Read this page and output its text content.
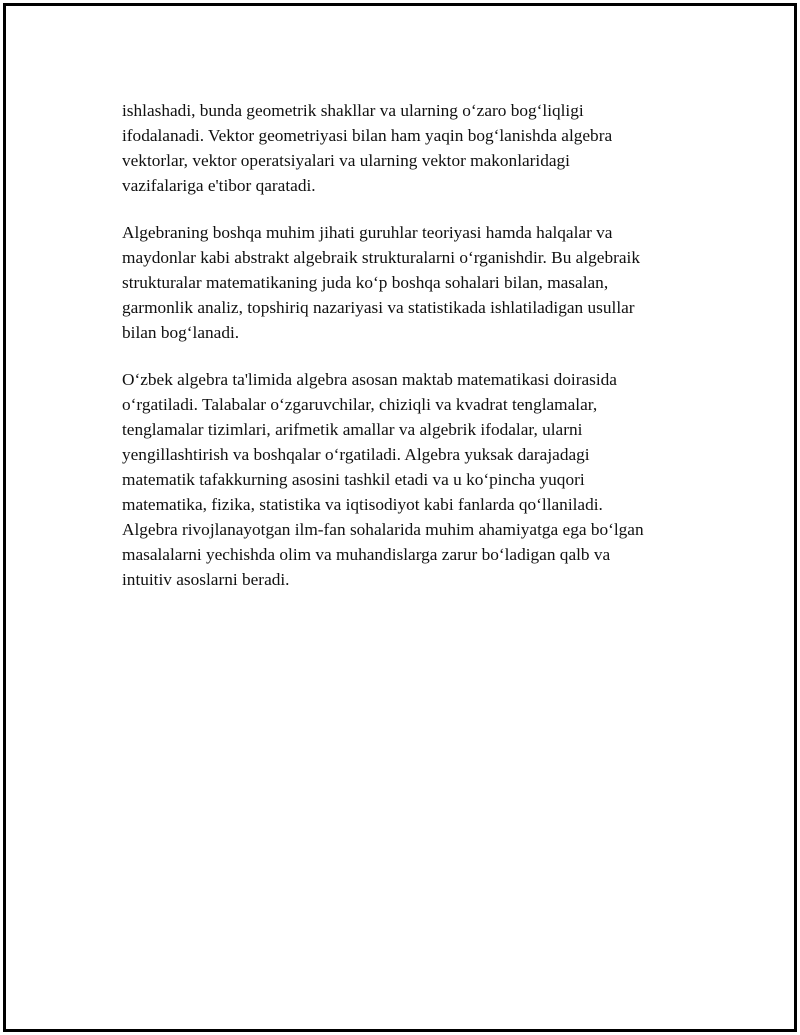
ishlashadi, bunda geometrik shakllar va ularning o‘zaro bog‘liqligi
ifodalanadi. Vektor geometriyasi bilan ham yaqin bog‘lanishda algebra
vektorlar, vektor operatsiyalari va ularning vektor makonlaridagi
vazifalariga e'tibor qaratadi.

Algebraning boshqa muhim jihati guruhlar teoriyasi hamda halqalar va
maydonlar kabi abstrakt algebraik strukturalarni o‘rganishdir. Bu algebraik
strukturalar matematikaning juda ko‘p boshqa sohalari bilan, masalan,
garmonlik analiz, topshiriq nazariyasi va statistikada ishlatiladigan usullar
bilan bog‘lanadi.

O‘zbek algebra ta'limida algebra asosan maktab matematikasi doirasida
o‘rgatiladi. Talabalar o‘zgaruvchilar, chiziqli va kvadrat tenglamalar,
tenglamalar tizimlari, arifmetik amallar va algebrik ifodalar, ularni
yengillashtirish va boshqalar o‘rgatiladi. Algebra yuksak darajadagi
matematik tafakkurning asosini tashkil etadi va u ko‘pincha yuqori
matematika, fizika, statistika va iqtisodiyot kabi fanlarda qo‘llaniladi.
Algebra rivojlanayotgan ilm-fan sohalarida muhim ahamiyatga ega bo‘lgan
masalalarni yechishda olim va muhandislarga zarur bo‘ladigan qalb va
intuitiv asoslarni beradi.
